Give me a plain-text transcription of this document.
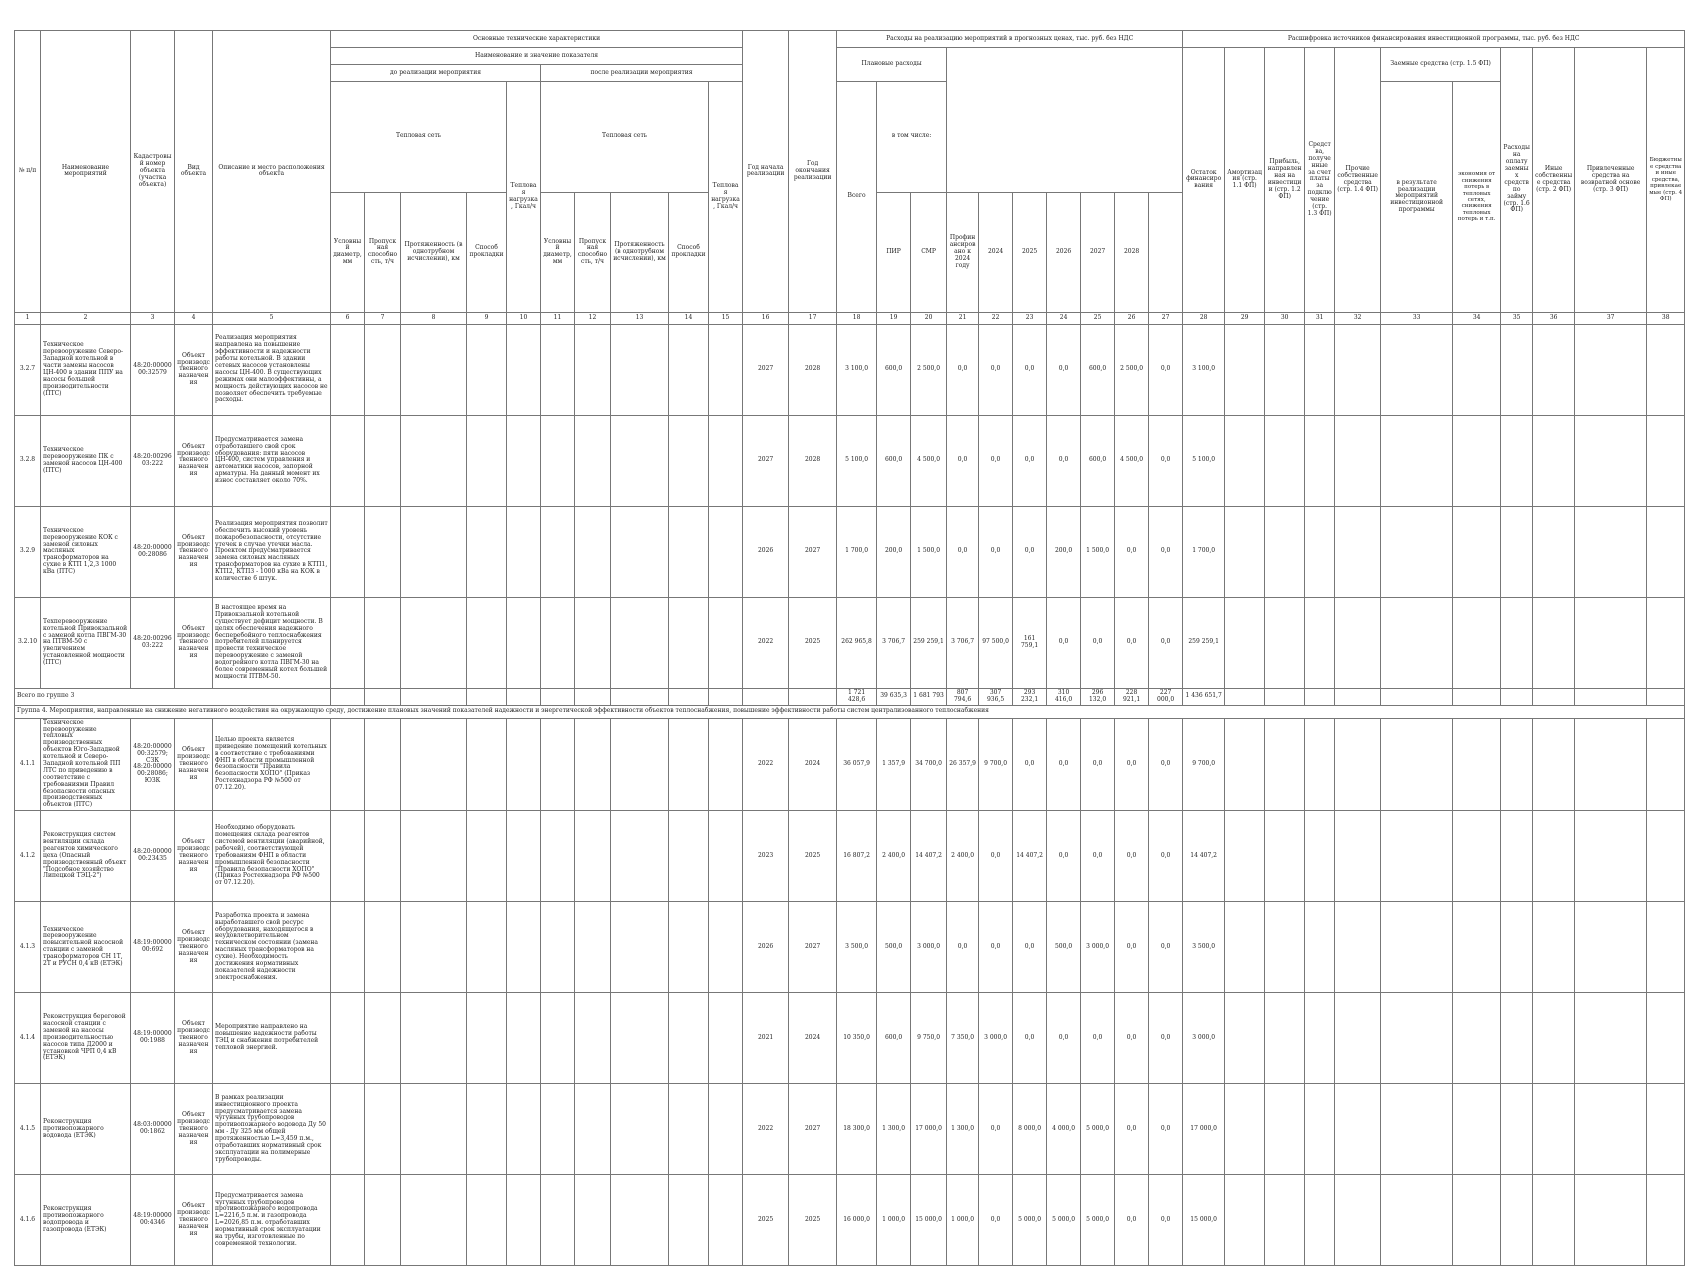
№ п/п	Наименование мероприятий	Кадастровый номер объекта (участка объекта)	Вид объекта	Описание и место расположения объекта	Основные технические характеристики										Год начала реализации	Год окончания реализации	Расходы на реализацию мероприятий в прогнозных ценах, тыс. руб. без НДС										Расшифровка источников финансирования инвестиционной программы, тыс. руб. без НДС											
					Наименование и значение показателя												Плановые расходы										Остаток финансирования	Амортизация (стр. 1.1 ФП)	Прибыль, направленная на инвестиции (стр. 1.2 ФП)	Средства, полученные за счет платы за подключение (стр. 1.3 ФП)	Прочие собственные средства (стр. 1.4 ФП)	Заемные средства (стр. 1.5 ФП)		Расходы на оплату заемных средств по займу (стр. 1.6 ФП)	Иные собственные средства (стр. 2 ФП)	Привлеченные средства на возвратной основе (стр. 3 ФП)	Бюджетные средства и иные средства, привлекаемые (стр. 4 ФП)	
					до реализации мероприятия					после реализации мероприятия																												
					Тепловая сеть				Тепловая нагрузка, Гкал/ч	Тепловая сеть				Тепловая нагрузка, Гкал/ч			Всего	в том числе:														в результате реализации мероприятий инвестиционной программы	экономия от снижения потерь в тепловых сетях, снижения тепловых потерь и т.п.					
					Условный диаметр, мм	Пропускная способность, т/ч	Протяженность (в однотрубном исчислении), км	Способ прокладки		Условный диаметр, мм	Пропускная способность, т/ч	Протяженность (в однотрубном исчислении), км	Способ прокладки					ПИР	СМР	Профинансировано к 2024 году	2024	2025	2026	2027	2028													
1	2	3	4	5	6	7	8	9	10	11	12	13	14	15	16	17	18	19	20	21	22	23	24	25	26	27	28	29	30	31	32	33	34	35	36	37	38	
3.2.7	Техническое перевооружение Северо-Западной котельной в части замены насосов ЦН-400 в здании ППУ на насосы большей производительности (ПТС)	48:20:0000000:32579	Объект производственного назначения	Реализация мероприятия направлена на повышение эффективности и надежности работы котельной. В здании сетевых насосов установлены насосы ЦН-400. В существующих режимах они малоэффективны, а мощность действующих насосов не позволяет обеспечить требуемые расходы.											2027	2028	3 100,0	600,0	2 500,0	0,0	0,0	0,0	0,0	600,0	2 500,0	0,0	3 100,0											
3.2.8	Техническое перевооружение ПК с заменой насосов ЦН-400 (ПТС)	48:20:0029603:222	Объект производственного назначения	Предусматривается замена отработавшего свой срок оборудования: пяти насосов ЦН-400, систем управления и автоматики насосов, запорной арматуры. На данный момент их износ составляет около 70%.											2027	2028	5 100,0	600,0	4 500,0	0,0	0,0	0,0	0,0	600,0	4 500,0	0,0	5 100,0											
3.2.9	Техническое перевооружение КОК с заменой силовых масляных трансформаторов на сухие в КТП 1,2,3 1000 кВа (ПТС)	48:20:0000000:28086	Объект производственного назначения	Реализация мероприятия позволит обеспечить высокий уровень пожаробезопасности, отсутствие утечек в случае утечки масла. Проектом предусматривается замена силовых масляных трансформаторов на сухие в КТП1, КТП2, КТП3 - 1000 кВа на КОК в количестве 6 штук.											2026	2027	1 700,0	200,0	1 500,0	0,0	0,0	0,0	200,0	1 500,0	0,0	0,0	1 700,0											
3.2.10	Техперевооружение котельной Привокзальной с заменой котла ПВГМ-30 на ПТВМ-50 с увеличением установленной мощности (ПТС)	48:20:0029603:222	Объект производственного назначения	В настоящее время на Привокзальной котельной существует дефицит мощности. В целях обеспечения надежного бесперебойного теплоснабжения потребителей планируется провести техническое перевооружение с заменой водогрейного котла ПВГМ-30 на более современный котел большей мощности ПТВМ-50.											2022	2025	262 965,8	3 706,7	259 259,1	3 706,7	97 500,0	161 759,1	0,0	0,0	0,0	0,0	259 259,1											
Всего по группе 3																	1 721 428,6	39 635,3	1 681 793	807 794,6	307 936,5	293 232,1	310 416,0	296 132,0	228 921,1	227 000,0	1 436 651,7											
Группа 4. Мероприятия, направленные на снижение негативного воздействия на окружающую среду, достижение плановых значений показателей надежности и энергетической эффективности объектов теплоснабжения, повышение эффективности работы систем централизованного теплоснабжения																																						
4.1.1	Техническое перевооружение тепловых производственных объектов Юго-Западной котельной и Северо-Западной котельной ПП ЛТС по приведению в соответствие с требованиями Правил безопасности опасных производственных объектов (ПТС)	48:20:0000000:32579; СЗК 48:20:0000000:28086; ЮЗК	Объект производственного назначения	Целью проекта является приведение помещений котельных в соответствие с требованиями ФНП в области промышленной безопасности "Правила безопасности ХОПО" (Приказ Ростехнадзора РФ №500 от 07.12.20).											2022	2024	36 057,9	1 357,9	34 700,0	26 357,9	9 700,0	0,0	0,0	0,0	0,0	0,0	9 700,0											
4.1.2	Реконструкция систем вентиляции склада реагентов химического цеха (Опасный производственный объект "Подсобное хозяйство Липецкой ТЭЦ-2")	48:20:0000000:23435	Объект производственного назначения	Необходимо оборудовать помещения склада реагентов системой вентиляции (аварийной, рабочей), соответствующей требованиям ФНП в области промышленной безопасности "Правила безопасности ХОПО" (Приказ Ростехнадзора РФ №500 от 07.12.20).											2023	2025	16 807,2	2 400,0	14 407,2	2 400,0	0,0	14 407,2	0,0	0,0	0,0	0,0	14 407,2											
4.1.3	Техническое перевооружение повысительной насосной станции с заменой трансформаторов СН 1Т, 2Т и РУСН 0,4 кВ (ЕТЭК)	48:19:0000000:692	Объект производственного назначения	Разработка проекта и замена выработавшего свой ресурс оборудования, находящегося в неудовлетворительном техническом состоянии (замена масляных трансформаторов на сухие). Необходимость достижения нормативных показателей надежности электроснабжения.											2026	2027	3 500,0	500,0	3 000,0	0,0	0,0	0,0	500,0	3 000,0	0,0	0,0	3 500,0											
4.1.4	Реконструкция береговой насосной станции с заменой на насосы производительностью насосов типа Д2000 и установкой ЧРП 0,4 кВ (ЕТЭК)	48:19:0000000:1988	Объект производственного назначения	Мероприятие направлено на повышение надежности работы ТЭЦ и снабжения потребителей тепловой энергией.											2021	2024	10 350,0	600,0	9 750,0	7 350,0	3 000,0	0,0	0,0	0,0	0,0	0,0	3 000,0											
4.1.5	Реконструкция противопожарного водовода (ЕТЭК)	48:03:0000000:1862	Объект производственного назначения	В рамках реализации инвестиционного проекта предусматривается замена чугунных трубопроводов противопожарного водовода Ду 50 мм - Ду 325 мм общей протяженностью L=3,459 п.м., отработавших нормативный срок эксплуатации на полимерные трубопроводы.											2022	2027	18 300,0	1 300,0	17 000,0	1 300,0	0,0	8 000,0	4 000,0	5 000,0	0,0	0,0	17 000,0											
4.1.6	Реконструкция противопожарного водопровода и газопровода (ЕТЭК)	48:19:0000000:4346	Объект производственного назначения	Предусматривается замена чугунных трубопроводов противопожарного водопровода L=2216,5 п.м. и газопровода L=2026,85 п.м. отработавших нормативный срок эксплуатации на трубы, изготовленные по современной технологии.											2025	2025	16 000,0	1 000,0	15 000,0	1 000,0	0,0	5 000,0	5 000,0	5 000,0	0,0	0,0	15 000,0											
